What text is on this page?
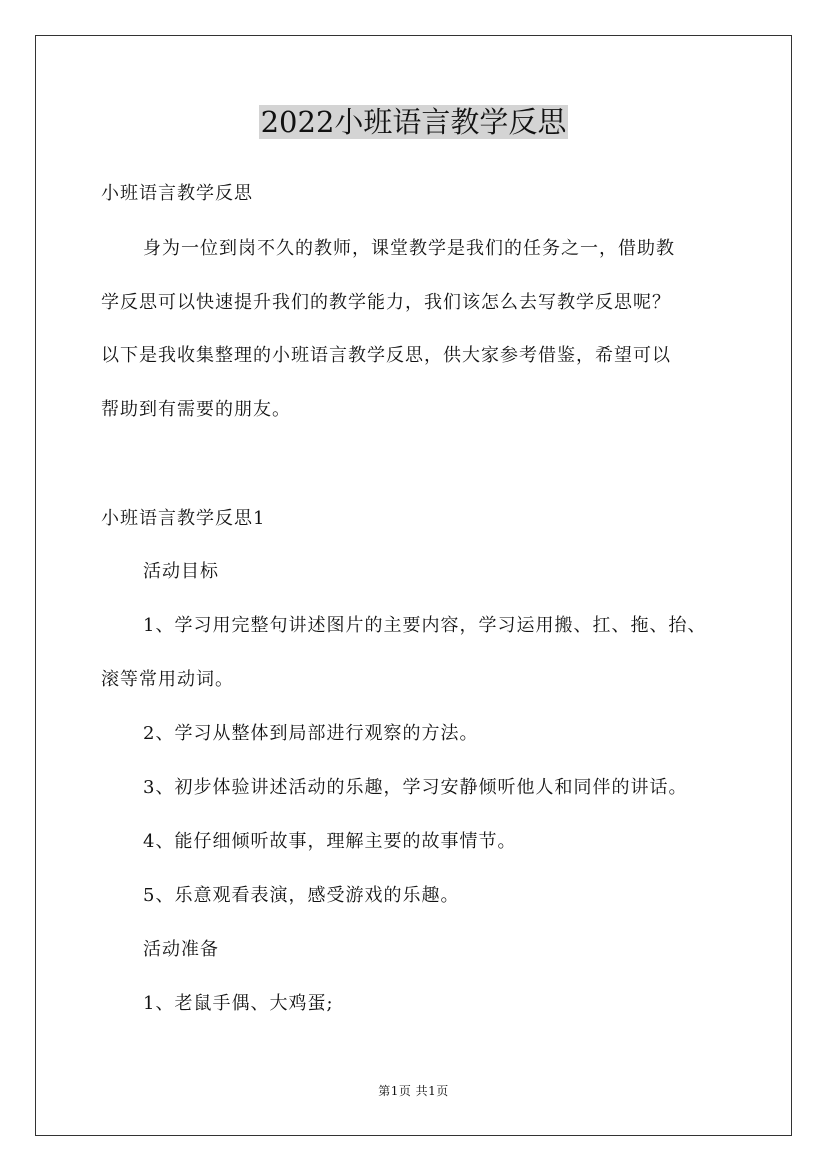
2022小班语言教学反思

小班语言教学反思

身为一位到岗不久的教师，课堂教学是我们的任务之一，借助教

学反思可以快速提升我们的教学能力，我们该怎么去写教学反思呢？

以下是我收集整理的小班语言教学反思，供大家参考借鉴，希望可以

帮助到有需要的朋友。

小班语言教学反思1

活动目标

1、学习用完整句讲述图片的主要内容，学习运用搬、扛、拖、抬、

滚等常用动词。

2、学习从整体到局部进行观察的方法。

3、初步体验讲述活动的乐趣，学习安静倾听他人和同伴的讲话。

4、能仔细倾听故事，理解主要的故事情节。

5、乐意观看表演，感受游戏的乐趣。

活动准备

1、老鼠手偶、大鸡蛋;

第1页 共1页
